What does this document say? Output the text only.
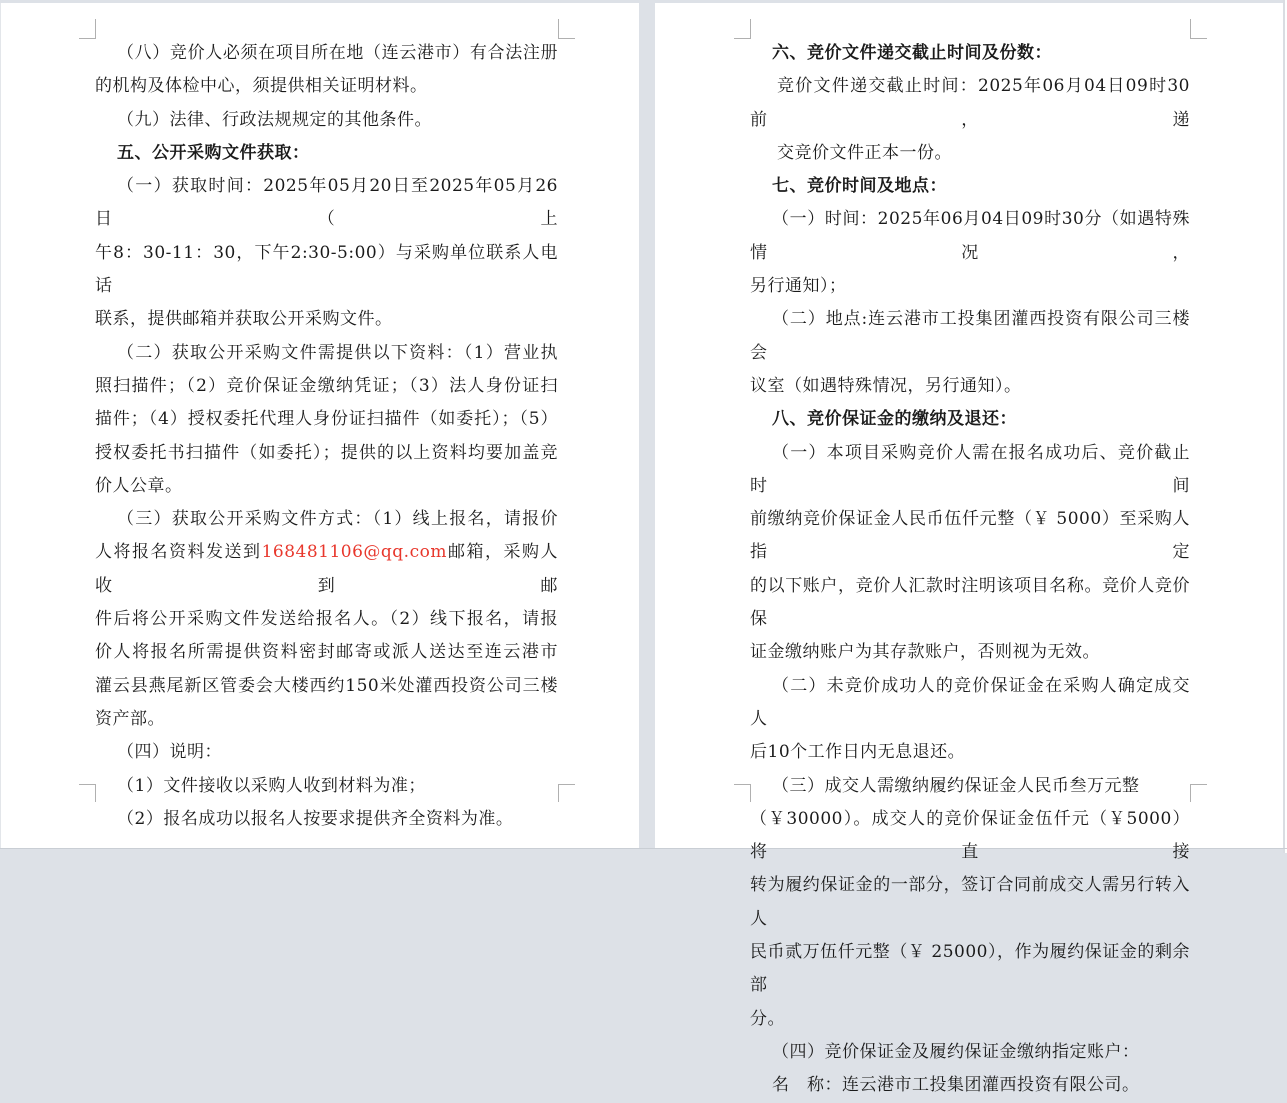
（八）竞价人必须在项目所在地（连云港市）有合法注册
的机构及体检中心，须提供相关证明材料。
（九）法律、行政法规规定的其他条件。
五、公开采购文件获取：
（一）获取时间：2025年05月20日至2025年05月26日（上
午8：30-11：30，下午2:30-5:00）与采购单位联系人电话
联系，提供邮箱并获取公开采购文件。
（二）获取公开采购文件需提供以下资料：（1）营业执
照扫描件；（2）竞价保证金缴纳凭证；（3）法人身份证扫
描件；（4）授权委托代理人身份证扫描件（如委托）；（5）
授权委托书扫描件（如委托）；提供的以上资料均要加盖竞
价人公章。
（三）获取公开采购文件方式：（1）线上报名，请报价
人将报名资料发送到168481106@qq.com邮箱，采购人收到邮
件后将公开采购文件发送给报名人。（2）线下报名，请报
价人将报名所需提供资料密封邮寄或派人送达至连云港市
灌云县燕尾新区管委会大楼西约150米处灌西投资公司三楼
资产部。
（四）说明：
（1）文件接收以采购人收到材料为准；
（2）报名成功以报名人按要求提供齐全资料为准。
六、竞价文件递交截止时间及份数：
竞价文件递交截止时间：2025年06月04日09时30前，递
交竞价文件正本一份。
七、竞价时间及地点：
（一）时间：2025年06月04日09时30分（如遇特殊情况，
另行通知）；
（二）地点:连云港市工投集团灌西投资有限公司三楼会
议室（如遇特殊情况，另行通知）。
八、竞价保证金的缴纳及退还：
（一）本项目采购竞价人需在报名成功后、竞价截止时间
前缴纳竞价保证金人民币伍仟元整（￥ 5000）至采购人指定
的以下账户，竞价人汇款时注明该项目名称。竞价人竞价保
证金缴纳账户为其存款账户，否则视为无效。
（二）未竞价成功人的竞价保证金在采购人确定成交人
后10个工作日内无息退还。
（三）成交人需缴纳履约保证金人民币叁万元整
（￥30000）。成交人的竞价保证金伍仟元（￥5000）将直接
转为履约保证金的一部分，签订合同前成交人需另行转入人
民币贰万伍仟元整（￥ 25000），作为履约保证金的剩余部
分。
（四）竞价保证金及履约保证金缴纳指定账户：
名　称：连云港市工投集团灌西投资有限公司。
